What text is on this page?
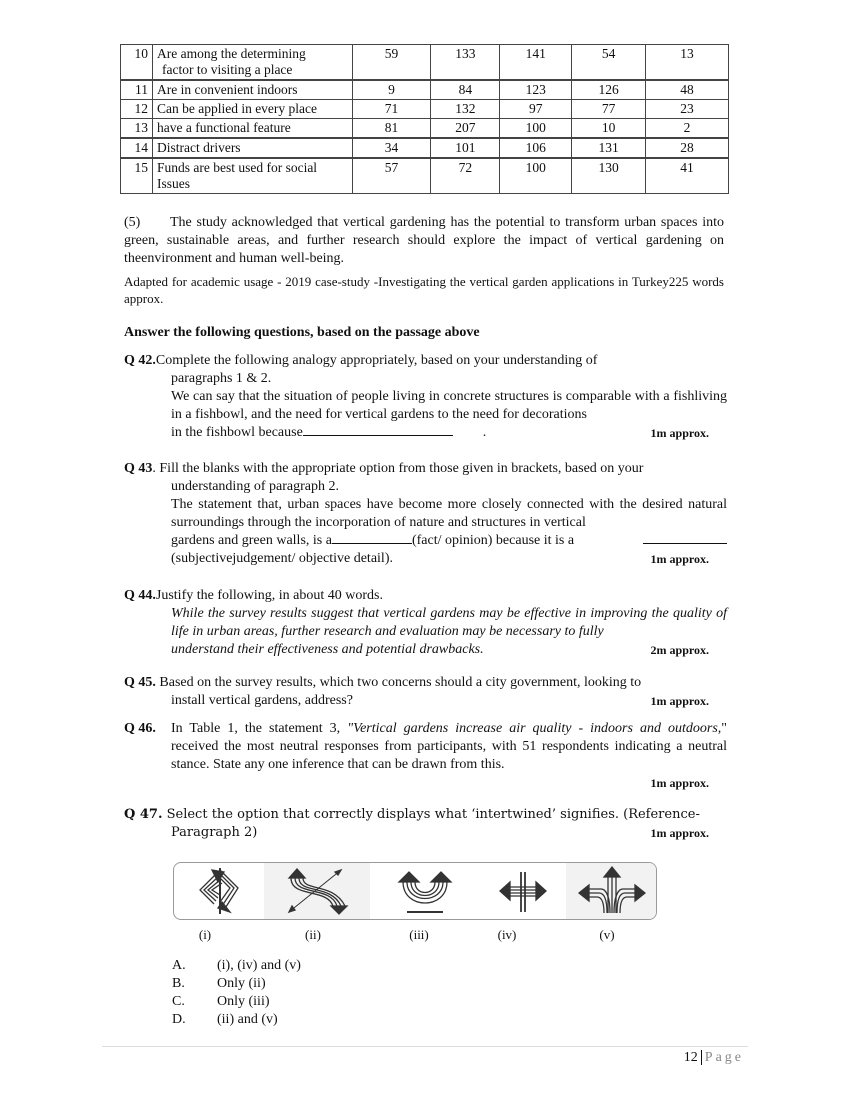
10	Are among the determining
factor to visiting a place	59	133	141	54	13
11	Are in convenient indoors	9	84	123	126	48
12	Can be applied in every place	71	132	97	77	23
13	have a functional feature	81	207	100	10	2
14	Distract drivers	34	101	106	131	28
15	Funds are best used for social
Issues	57	72	100	130	41
(5) The study acknowledged that vertical gardening has the potential to transform urban spaces into green, sustainable areas, and further research should explore the impact of vertical gardening on theenvironment and human well-being.
Adapted for academic usage - 2019 case-study -Investigating the vertical garden applications in Turkey225 words approx.
Answer the following questions, based on the passage above
Q 42.Complete the following analogy appropriately, based on your understanding of
paragraphs 1 & 2.
We can say that the situation of people living in concrete structures is comparable with a fishliving in a fishbowl, and the need for vertical gardens to the need for decorations
in the fishbowl because	.	1m approx.
Q 43. Fill the blanks with the appropriate option from those given in brackets, based on your
understanding of paragraph 2.
The statement that, urban spaces have become more closely connected with the desired natural surroundings through the incorporation of nature and structures in vertical
gardens and green walls, is a	(fact/ opinion) because it is a
(subjectivejudgement/ objective detail).	1m approx.
Q 44.Justify the following, in about 40 words.
While the survey results suggest that vertical gardens may be effective in improving the quality of life in urban areas, further research and evaluation may be necessary to fully
understand their effectiveness and potential drawbacks.	2m approx.
Q 45. Based on the survey results, which two concerns should a city government, looking to
install vertical gardens, address?	1m approx.
Q 46.	In Table 1, the statement 3, "Vertical gardens increase air quality - indoors and outdoors," received the most neutral responses from participants, with 51 respondents indicating a neutral stance. State any one inference that can be drawn from this.
1m approx.
Q 47. Select the option that correctly displays what ‘intertwined’ signifies. (Reference-
Paragraph 2)	1m approx.
(i)	(ii)	(iii)	(iv)	(v)
A.	(i), (iv) and (v)
B.	Only (ii)
C.	Only (iii)
D.	(ii) and (v)
12 Page
